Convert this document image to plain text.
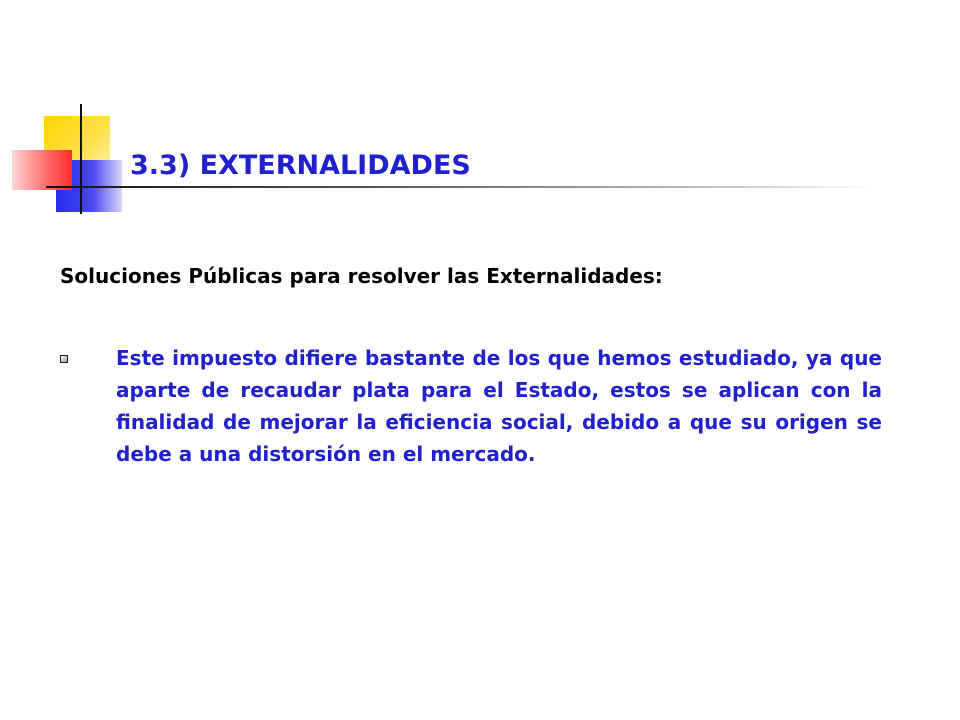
3.3) EXTERNALIDADES
Soluciones Públicas para resolver las Externalidades:
Este impuesto difiere bastante de los que hemos estudiado, ya que aparte de recaudar plata para el Estado, estos se aplican con la finalidad de mejorar la eficiencia social, debido a que su origen se debe a una distorsión en el mercado.
